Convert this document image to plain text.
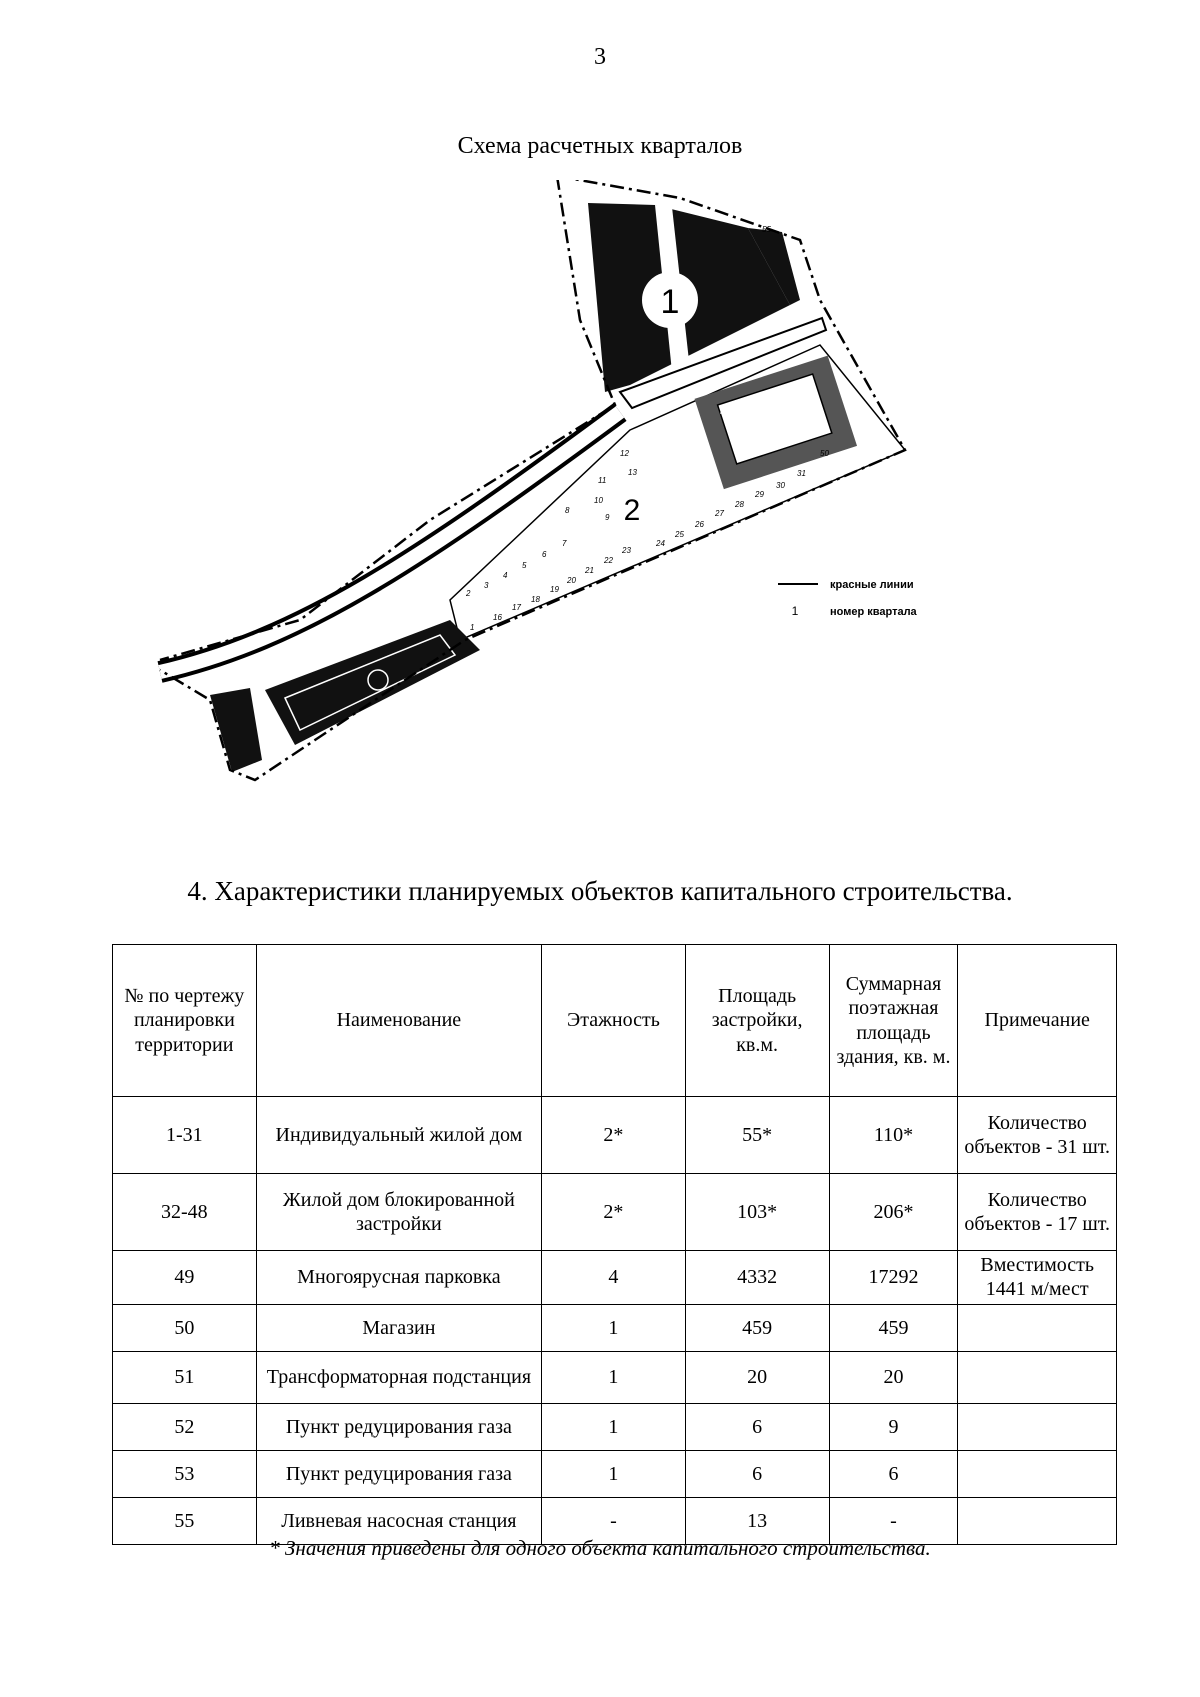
3
Схема расчетных кварталов
1
2
1
2
3
4
5
6
7
8
9
10
11
12
13
16
17
18
19
20
21
22
23
24
25
26
27
28
29
30
31
55
49
50
красные линии
1	номер квартала
4. Характеристики планируемых объектов капитального строительства.
№ по чертежу планировки территории	Наименование	Этажность	Площадь застройки, кв.м.	Суммарная поэтажная площадь здания, кв. м.	Примечание
1-31	Индивидуальный жилой дом	2*	55*	110*	Количество объектов - 31 шт.
32-48	Жилой дом блокированной застройки	2*	103*	206*	Количество объектов - 17 шт.
49	Многоярусная парковка	4	4332	17292	Вместимость 1441 м/мест
50	Магазин	1	459	459	
51	Трансформаторная подстанция	1	20	20	
52	Пункт редуцирования газа	1	6	9	
53	Пункт редуцирования газа	1	6	6	
55	Ливневая насосная станция	-	13	-	
* Значения приведены для одного объекта капитального строительства.
